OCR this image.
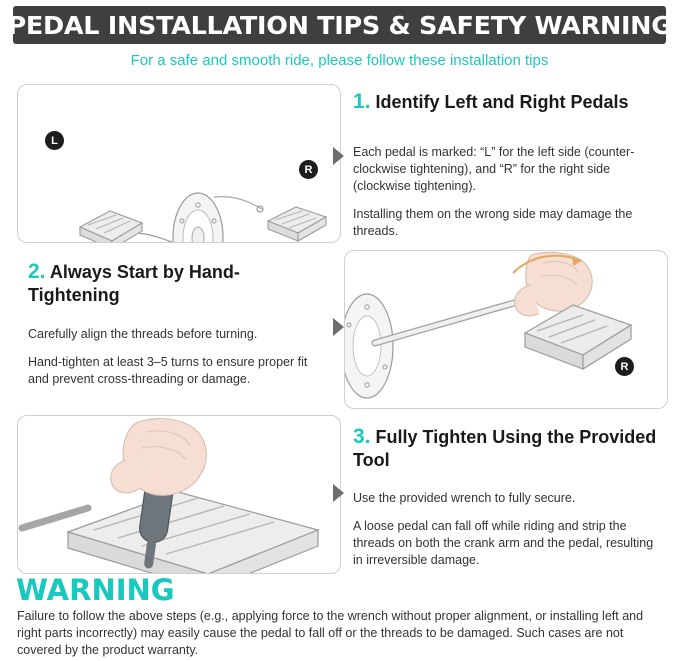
PEDAL INSTALLATION TIPS & SAFETY WARNING
For a safe and smooth ride, please follow these installation tips
L
R
1. Identify Left and Right Pedals

Each pedal is marked: “L” for the left side (counter-clockwise tightening), and “R” for the right side (clockwise tightening).

Installing them on the wrong side may damage the threads.

2. Always Start by Hand-Tightening

Carefully align the threads before turning.

Hand-tighten at least 3–5 turns to ensure proper fit and prevent cross-threading or damage.

R
3. Fully Tighten Using the Provided Tool

Use the provided wrench to fully secure.

A loose pedal can fall off while riding and strip the threads on both the crank arm and the pedal, resulting in irreversible damage.

WARNING
Failure to follow the above steps (e.g., applying force to the wrench without proper alignment, or installing left and right parts incorrectly) may easily cause the pedal to fall off or the threads to be damaged. Such cases are not covered by the product warranty.
